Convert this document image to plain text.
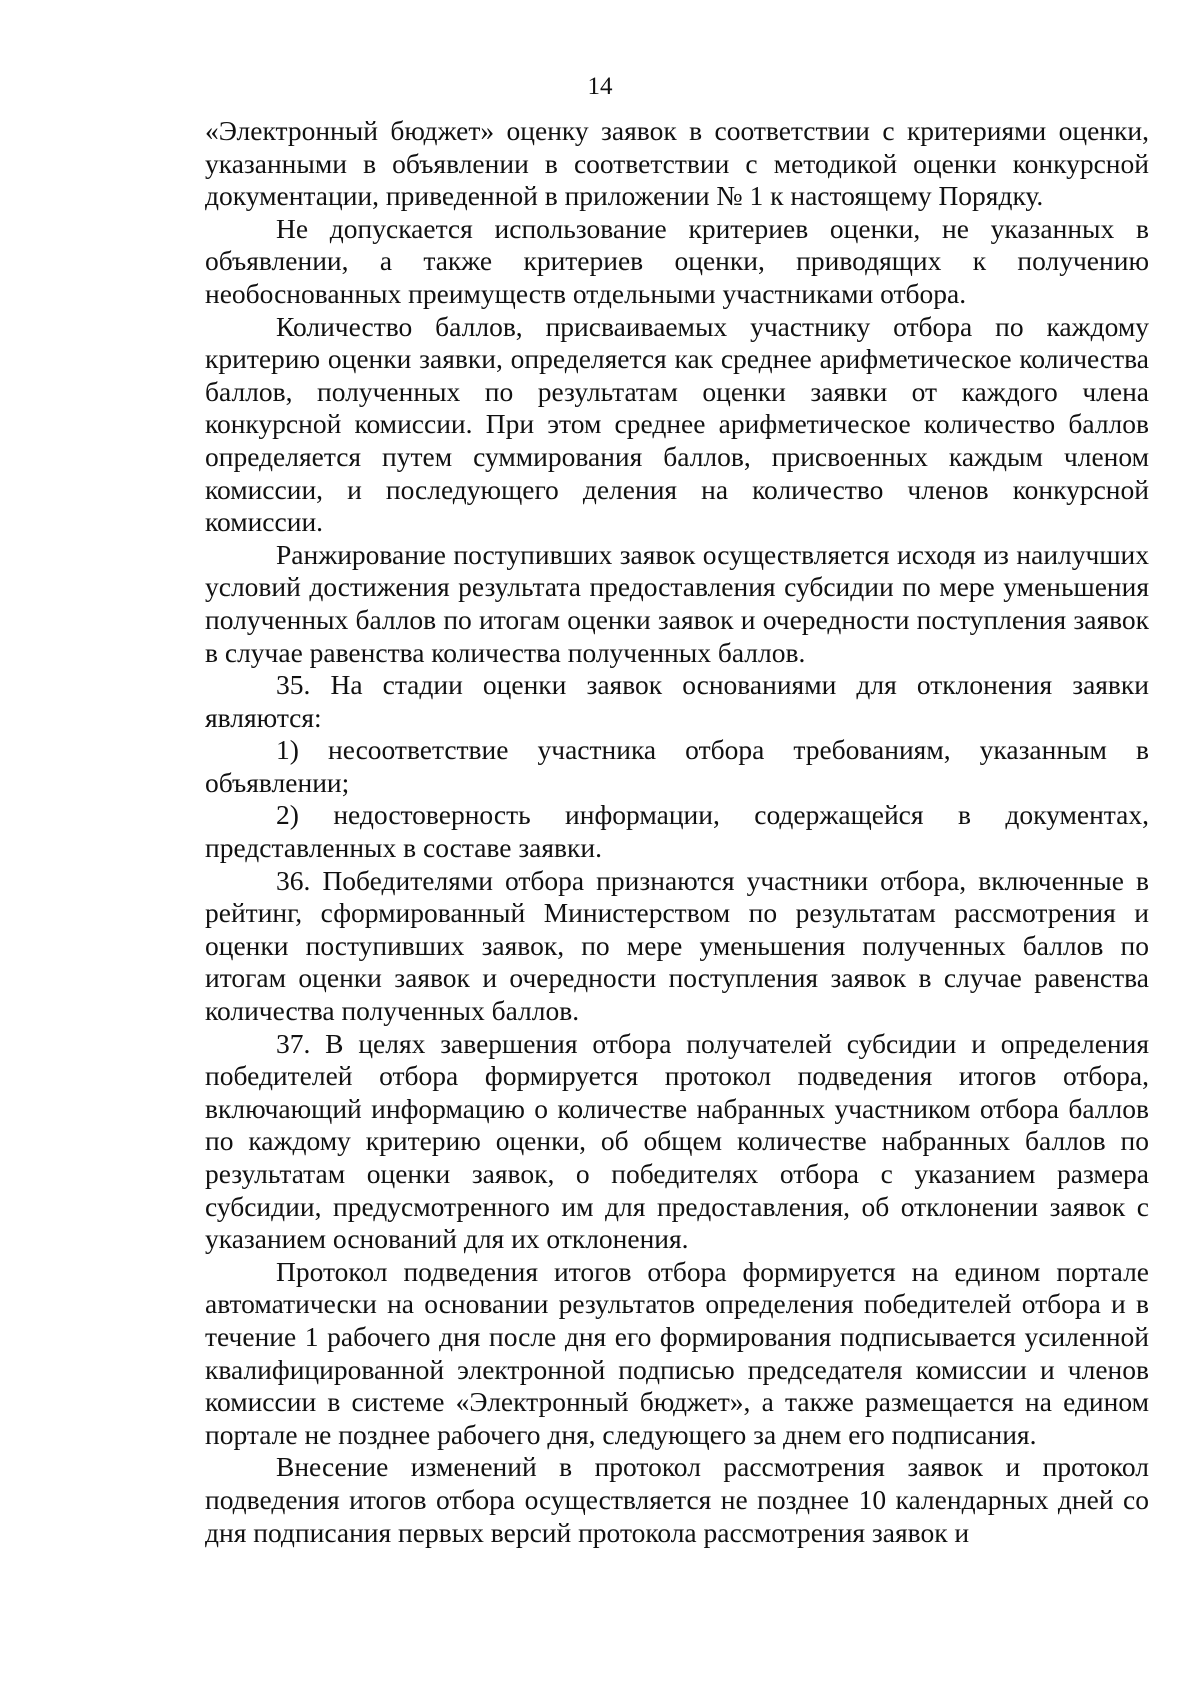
14

«Электронный бюджет» оценку заявок в соответствии с критериями оценки, указанными в объявлении в соответствии с методикой оценки конкурсной документации, приведенной в приложении № 1 к настоящему Порядку.

Не допускается использование критериев оценки, не указанных в объявлении, а также критериев оценки, приводящих к получению необоснованных преимуществ отдельными участниками отбора.

Количество баллов, присваиваемых участнику отбора по каждому критерию оценки заявки, определяется как среднее арифметическое количества баллов, полученных по результатам оценки заявки от каждого члена конкурсной комиссии. При этом среднее арифметическое количество баллов определяется путем суммирования баллов, присвоенных каждым членом комиссии, и последующего деления на количество членов конкурсной комиссии.

Ранжирование поступивших заявок осуществляется исходя из наилучших условий достижения результата предоставления субсидии по мере уменьшения полученных баллов по итогам оценки заявок и очередности поступления заявок в случае равенства количества полученных баллов.

35. На стадии оценки заявок основаниями для отклонения заявки являются:

1) несоответствие участника отбора требованиям, указанным в объявлении;

2) недостоверность информации, содержащейся в документах, представленных в составе заявки.

36. Победителями отбора признаются участники отбора, включенные в рейтинг, сформированный Министерством по результатам рассмотрения и оценки поступивших заявок, по мере уменьшения полученных баллов по итогам оценки заявок и очередности поступления заявок в случае равенства количества полученных баллов.

37. В целях завершения отбора получателей субсидии и определения победителей отбора формируется протокол подведения итогов отбора, включающий информацию о количестве набранных участником отбора баллов по каждому критерию оценки, об общем количестве набранных баллов по результатам оценки заявок, о победителях отбора с указанием размера субсидии, предусмотренного им для предоставления, об отклонении заявок с указанием оснований для их отклонения.

Протокол подведения итогов отбора формируется на едином портале автоматически на основании результатов определения победителей отбора и в течение 1 рабочего дня после дня его формирования подписывается усиленной квалифицированной электронной подписью председателя комиссии и членов комиссии в системе «Электронный бюджет», а также размещается на едином портале не позднее рабочего дня, следующего за днем его подписания.

Внесение изменений в протокол рассмотрения заявок и протокол подведения итогов отбора осуществляется не позднее 10 календарных дней со дня подписания первых версий протокола рассмотрения заявок и
